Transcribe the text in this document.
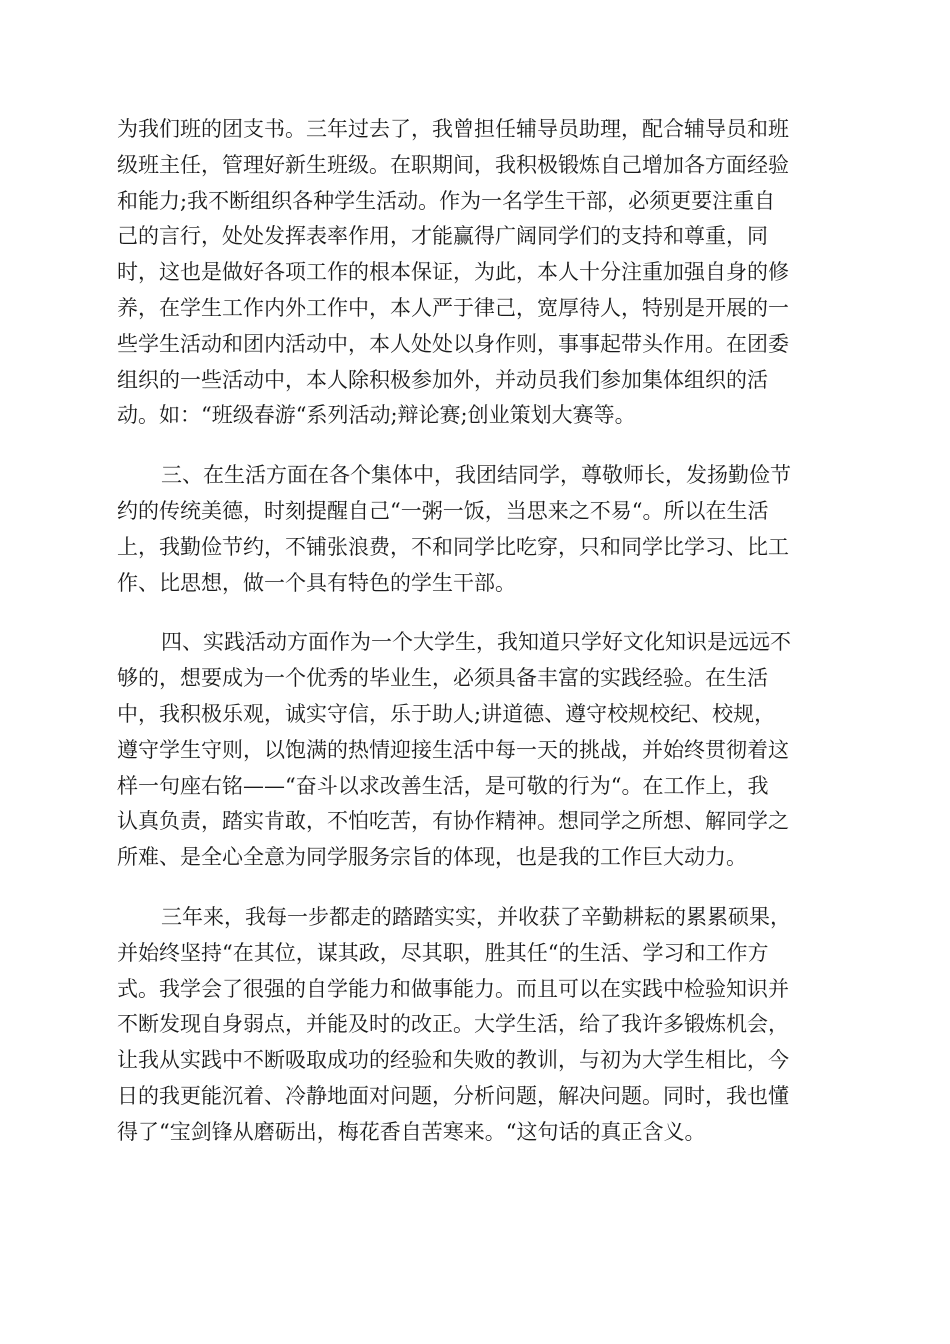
为我们班的团支书。三年过去了，我曾担任辅导员助理，配合辅导员和班
级班主任，管理好新生班级。在职期间，我积极锻炼自己增加各方面经验
和能力;我不断组织各种学生活动。作为一名学生干部，必须更要注重自
己的言行，处处发挥表率作用，才能赢得广阔同学们的支持和尊重，同
时，这也是做好各项工作的根本保证，为此，本人十分注重加强自身的修
养，在学生工作内外工作中，本人严于律己，宽厚待人，特别是开展的一
些学生活动和团内活动中，本人处处以身作则，事事起带头作用。在团委
组织的一些活动中，本人除积极参加外，并动员我们参加集体组织的活
动。如：“班级春游“系列活动;辩论赛;创业策划大赛等。
三、在生活方面在各个集体中，我团结同学，尊敬师长，发扬勤俭节
约的传统美德，时刻提醒自己“一粥一饭，当思来之不易“。所以在生活
上，我勤俭节约，不铺张浪费，不和同学比吃穿，只和同学比学习、比工
作、比思想，做一个具有特色的学生干部。
四、实践活动方面作为一个大学生，我知道只学好文化知识是远远不
够的，想要成为一个优秀的毕业生，必须具备丰富的实践经验。在生活
中，我积极乐观，诚实守信，乐于助人;讲道德、遵守校规校纪、校规，
遵守学生守则，以饱满的热情迎接生活中每一天的挑战，并始终贯彻着这
样一句座右铭——“奋斗以求改善生活，是可敬的行为“。在工作上，我
认真负责，踏实肯敢，不怕吃苦，有协作精神。想同学之所想、解同学之
所难、是全心全意为同学服务宗旨的体现，也是我的工作巨大动力。
三年来，我每一步都走的踏踏实实，并收获了辛勤耕耘的累累硕果，
并始终坚持“在其位，谋其政，尽其职，胜其任“的生活、学习和工作方
式。我学会了很强的自学能力和做事能力。而且可以在实践中检验知识并
不断发现自身弱点，并能及时的改正。大学生活，给了我许多锻炼机会，
让我从实践中不断吸取成功的经验和失败的教训，与初为大学生相比，今
日的我更能沉着、冷静地面对问题，分析问题，解决问题。同时，我也懂
得了“宝剑锋从磨砺出，梅花香自苦寒来。“这句话的真正含义。
